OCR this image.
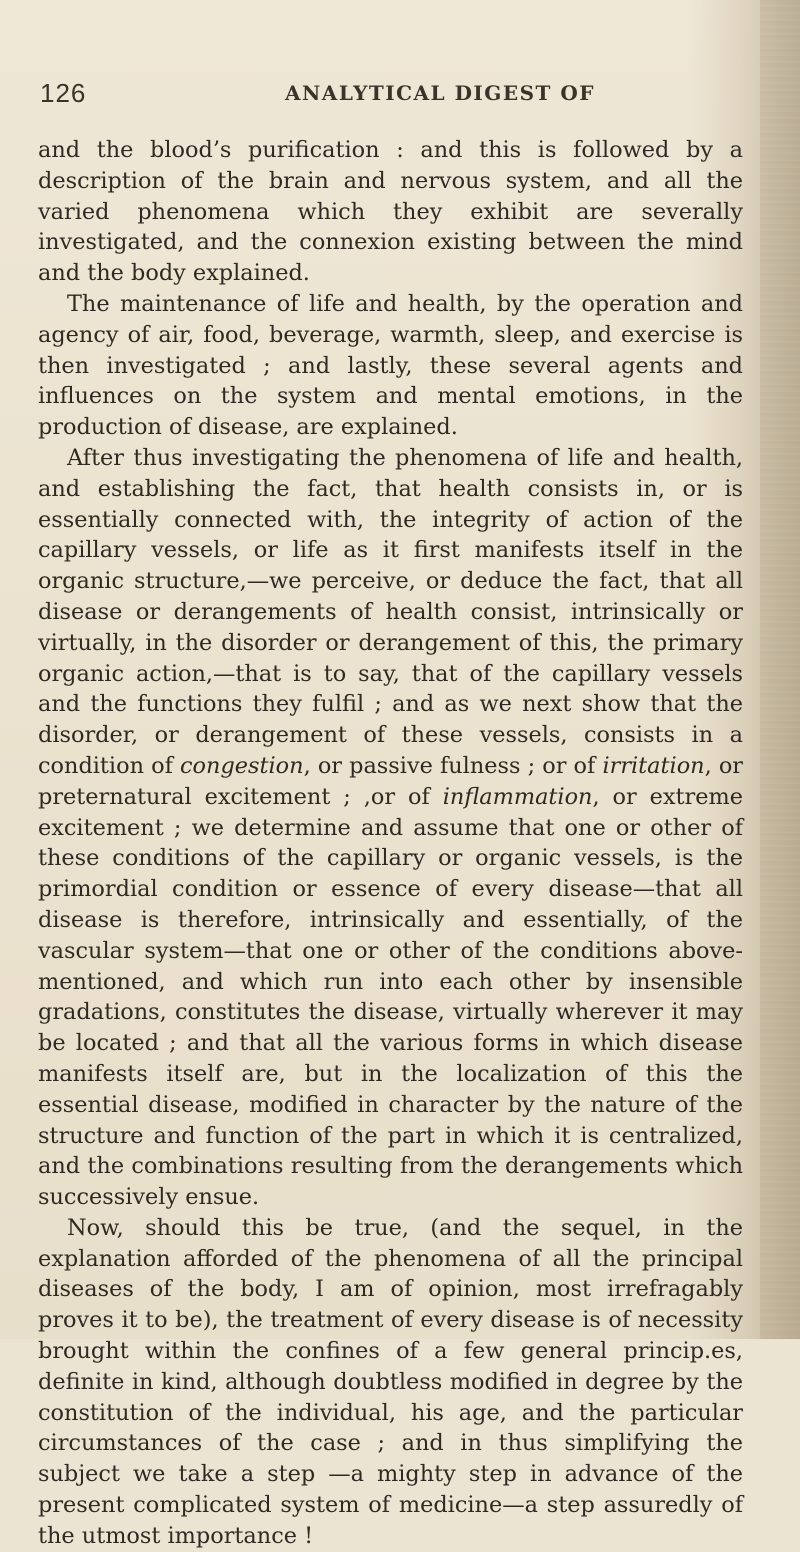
126	ANALYTICAL DIGEST OF

and the blood’s purification : and this is followed by a description of the brain and nervous system, and all the varied phenomena which they exhibit are severally investigated, and the connexion existing between the mind and the body explained.

The maintenance of life and health, by the operation and agency of air, food, beverage, warmth, sleep, and exercise is then investigated ; and lastly, these several agents and influences on the system and mental emotions, in the production of disease, are explained.

After thus investigating the phenomena of life and health, and establishing the fact, that health consists in, or is essentially connected with, the integrity of action of the capillary vessels, or life as it first manifests itself in the organic structure,—we perceive, or deduce the fact, that all disease or derangements of health consist, intrinsically or virtually, in the disorder or derangement of this, the primary organic action,—that is to say, that of the capillary vessels and the functions they fulfil ; and as we next show that the disorder, or derangement of these vessels, consists in a condition of congestion, or passive fulness ; or of irritation, or preternatural excitement ; ,or of inflammation, or extreme excitement ; we determine and assume that one or other of these conditions of the capillary or organic vessels, is the primordial condition or essence of every disease—that all disease is therefore, intrinsically and essentially, of the vascular system—that one or other of the conditions above-mentioned, and which run into each other by insensible gradations, constitutes the disease, virtually wherever it may be located ; and that all the various forms in which disease manifests itself are, but in the localization of this the essential disease, modified in character by the nature of the structure and function of the part in which it is centralized, and the combinations resulting from the derangements which successively ensue.

Now, should this be true, (and the sequel, in the explanation afforded of the phenomena of all the principal diseases of the body, I am of opinion, most irrefragably proves it to be), the treatment of every disease is of necessity brought within the confines of a few general princip.es, definite in kind, although doubtless modified in degree by the constitution of the individual, his age, and the particular circumstances of the case ; and in thus simplifying the subject we take a step —a mighty step in advance of the present complicated system of medicine—a step assuredly of the utmost importance !
